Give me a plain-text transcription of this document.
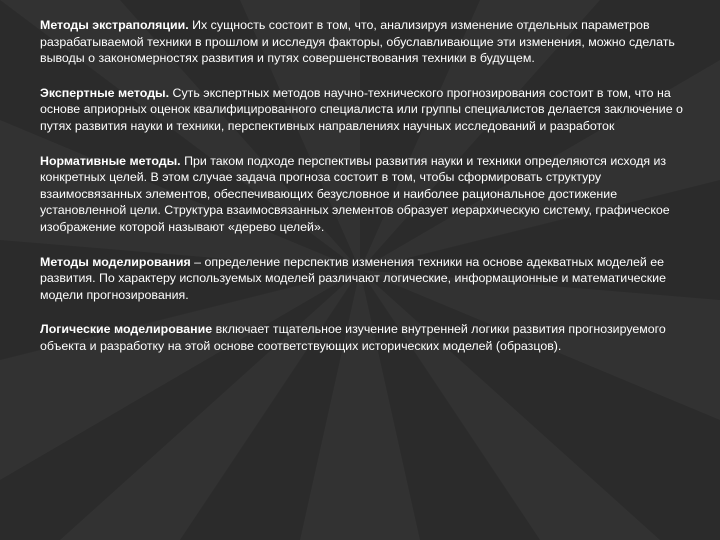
Методы экстраполяции. Их сущность состоит в том, что, анализируя изменение отдельных параметров разрабатываемой техники в прошлом и исследуя факторы, обуславливающие эти изменения, можно сделать выводы о закономерностях развития и путях совершенствования техники в будущем.

Экспертные методы. Суть экспертных методов научно-технического прогнозирования состоит в том, что на основе априорных оценок квалифицированного специалиста или группы специалистов делается заключение о путях развития науки и техники, перспективных направлениях научных исследований и разработок

Нормативные методы. При таком подходе перспективы развития науки и техники определяются исходя из конкретных целей. В этом случае задача прогноза состоит в том, чтобы сформировать структуру взаимосвязанных элементов, обеспечивающих безусловное и наиболее рациональное достижение установленной цели. Структура взаимосвязанных элементов образует иерархическую систему, графическое изображение которой называют «дерево целей».

Методы моделирования – определение перспектив изменения техники на основе адекватных моделей ее развития. По характеру используемых моделей различают логические, информационные и математические модели прогнозирования.

Логические моделирование включает тщательное изучение внутренней логики развития прогнозируемого объекта и разработку на этой основе соответствующих исторических моделей (образцов).
